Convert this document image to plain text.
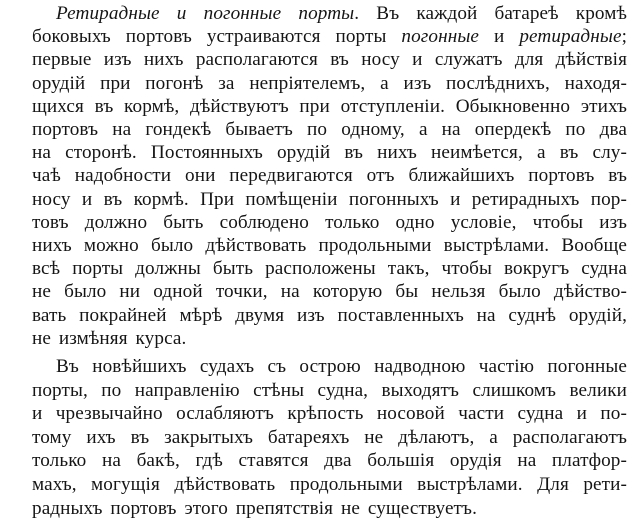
Ретирадные и погонные порты. Въ каждой батареѣ кромѣ
боковыхъ портовъ устраиваются порты погонные и ретирадные;
первые изъ нихъ располагаются въ носу и служатъ для дѣйствія
орудій при погонѣ за непріятелемъ, а изъ послѣднихъ, находя-
щихся въ кормѣ, дѣйствуютъ при отступленіи. Обыкновенно этихъ
портовъ на гондекѣ бываетъ по одному, а на опердекѣ по два
на сторонѣ. Постоянныхъ орудій въ нихъ неимѣется, а въ слу-
чаѣ надобности они передвигаются отъ ближайшихъ портовъ въ
носу и въ кормѣ. При помѣщеніи погонныхъ и ретирадныхъ пор-
товъ должно быть соблюдено только одно условіе, чтобы изъ
нихъ можно было дѣйствовать продольными выстрѣлами. Вообще
всѣ порты должны быть расположены такъ, чтобы вокругъ судна
не было ни одной точки, на которую бы нельзя было дѣйство-
вать покрайней мѣрѣ двумя изъ поставленныхъ на суднѣ орудій,
не измѣняя курса.
Въ новѣйшихъ судахъ съ острою надводною частію погонные
порты, по направленію стѣны судна, выходятъ слишкомъ велики
и чрезвычайно ослабляютъ крѣпость носовой части судна и по-
тому ихъ въ закрытыхъ батареяхъ не дѣлаютъ, а располагаютъ
только на бакѣ, гдѣ ставятся два большія орудія на платфор-
махъ, могущія дѣйствовать продольными выстрѣлами. Для рети-
радныхъ портовъ этого препятствія не существуетъ.
